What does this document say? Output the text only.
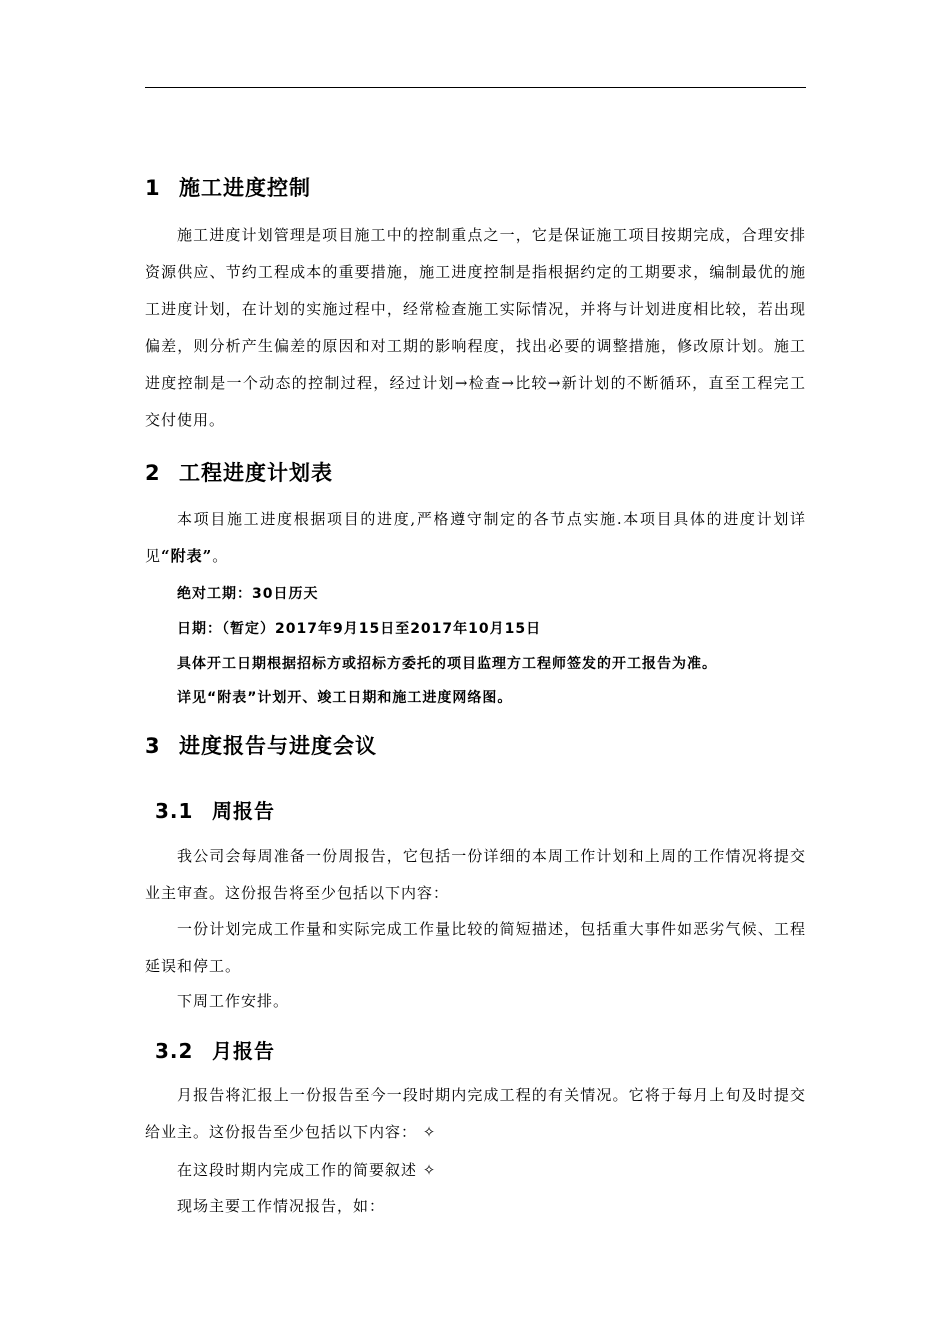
1 施工进度控制
施工进度计划管理是项目施工中的控制重点之一，它是保证施工项目按期完成，合理安排资源供应、节约工程成本的重要措施，施工进度控制是指根据约定的工期要求，编制最优的施工进度计划，在计划的实施过程中，经常检查施工实际情况，并将与计划进度相比较，若出现偏差，则分析产生偏差的原因和对工期的影响程度，找出必要的调整措施，修改原计划。施工进度控制是一个动态的控制过程，经过计划→检查→比较→新计划的不断循环，直至工程完工交付使用。
2 工程进度计划表
本项目施工进度根据项目的进度,严格遵守制定的各节点实施.本项目具体的进度计划详见“附表”。
绝对工期：30日历天
日期：（暂定）2017年9月15日至2017年10月15日
具体开工日期根据招标方或招标方委托的项目监理方工程师签发的开工报告为准。
详见“附表”计划开、竣工日期和施工进度网络图。
3 进度报告与进度会议
3.1 周报告
我公司会每周准备一份周报告，它包括一份详细的本周工作计划和上周的工作情况将提交业主审查。这份报告将至少包括以下内容：
一份计划完成工作量和实际完成工作量比较的简短描述，包括重大事件如恶劣气候、工程延误和停工。
下周工作安排。
3.2 月报告
月报告将汇报上一份报告至今一段时期内完成工程的有关情况。它将于每月上旬及时提交给业主。这份报告至少包括以下内容： ✧
在这段时期内完成工作的简要叙述 ✧
现场主要工作情况报告，如：
